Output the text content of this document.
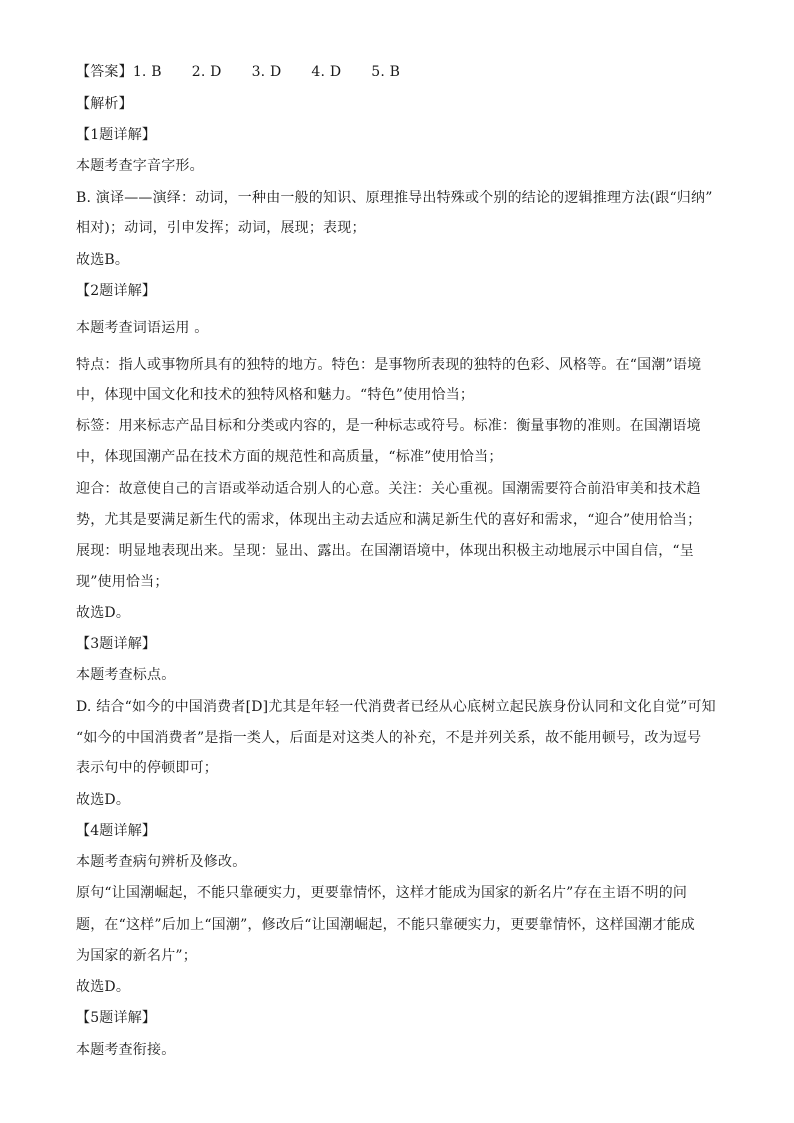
【答案】1. B 2. D 3. D 4. D 5. B
【解析】
【1题详解】
本题考查字音字形。
B. 演译——演绎：动词，一种由一般的知识、原理推导出特殊或个别的结论的逻辑推理方法(跟“归纳”
相对)；动词，引申发挥；动词，展现；表现；
故选B。
【2题详解】
本题考查词语运用 。
特点：指人或事物所具有的独特的地方。特色：是事物所表现的独特的色彩、风格等。在“国潮”语境
中，体现中国文化和技术的独特风格和魅力。“特色”使用恰当；
标签：用来标志产品目标和分类或内容的，是一种标志或符号。标准：衡量事物的准则。在国潮语境
中，体现国潮产品在技术方面的规范性和高质量，“标准”使用恰当；
迎合：故意使自己的言语或举动适合别人的心意。关注：关心重视。国潮需要符合前沿审美和技术趋
势，尤其是要满足新生代的需求，体现出主动去适应和满足新生代的喜好和需求，“迎合”使用恰当；
展现：明显地表现出来。呈现：显出、露出。在国潮语境中，体现出积极主动地展示中国自信，“呈
现”使用恰当；
故选D。
【3题详解】
本题考查标点。
D. 结合“如今的中国消费者[D]尤其是年轻一代消费者已经从心底树立起民族身份认同和文化自觉”可知
“如今的中国消费者”是指一类人，后面是对这类人的补充，不是并列关系，故不能用顿号，改为逗号
表示句中的停顿即可；
故选D。
【4题详解】
本题考查病句辨析及修改。
原句“让国潮崛起，不能只靠硬实力，更要靠情怀，这样才能成为国家的新名片”存在主语不明的问
题，在“这样”后加上“国潮”，修改后“让国潮崛起，不能只靠硬实力，更要靠情怀，这样国潮才能成
为国家的新名片”；
故选D。
【5题详解】
本题考查衔接。
